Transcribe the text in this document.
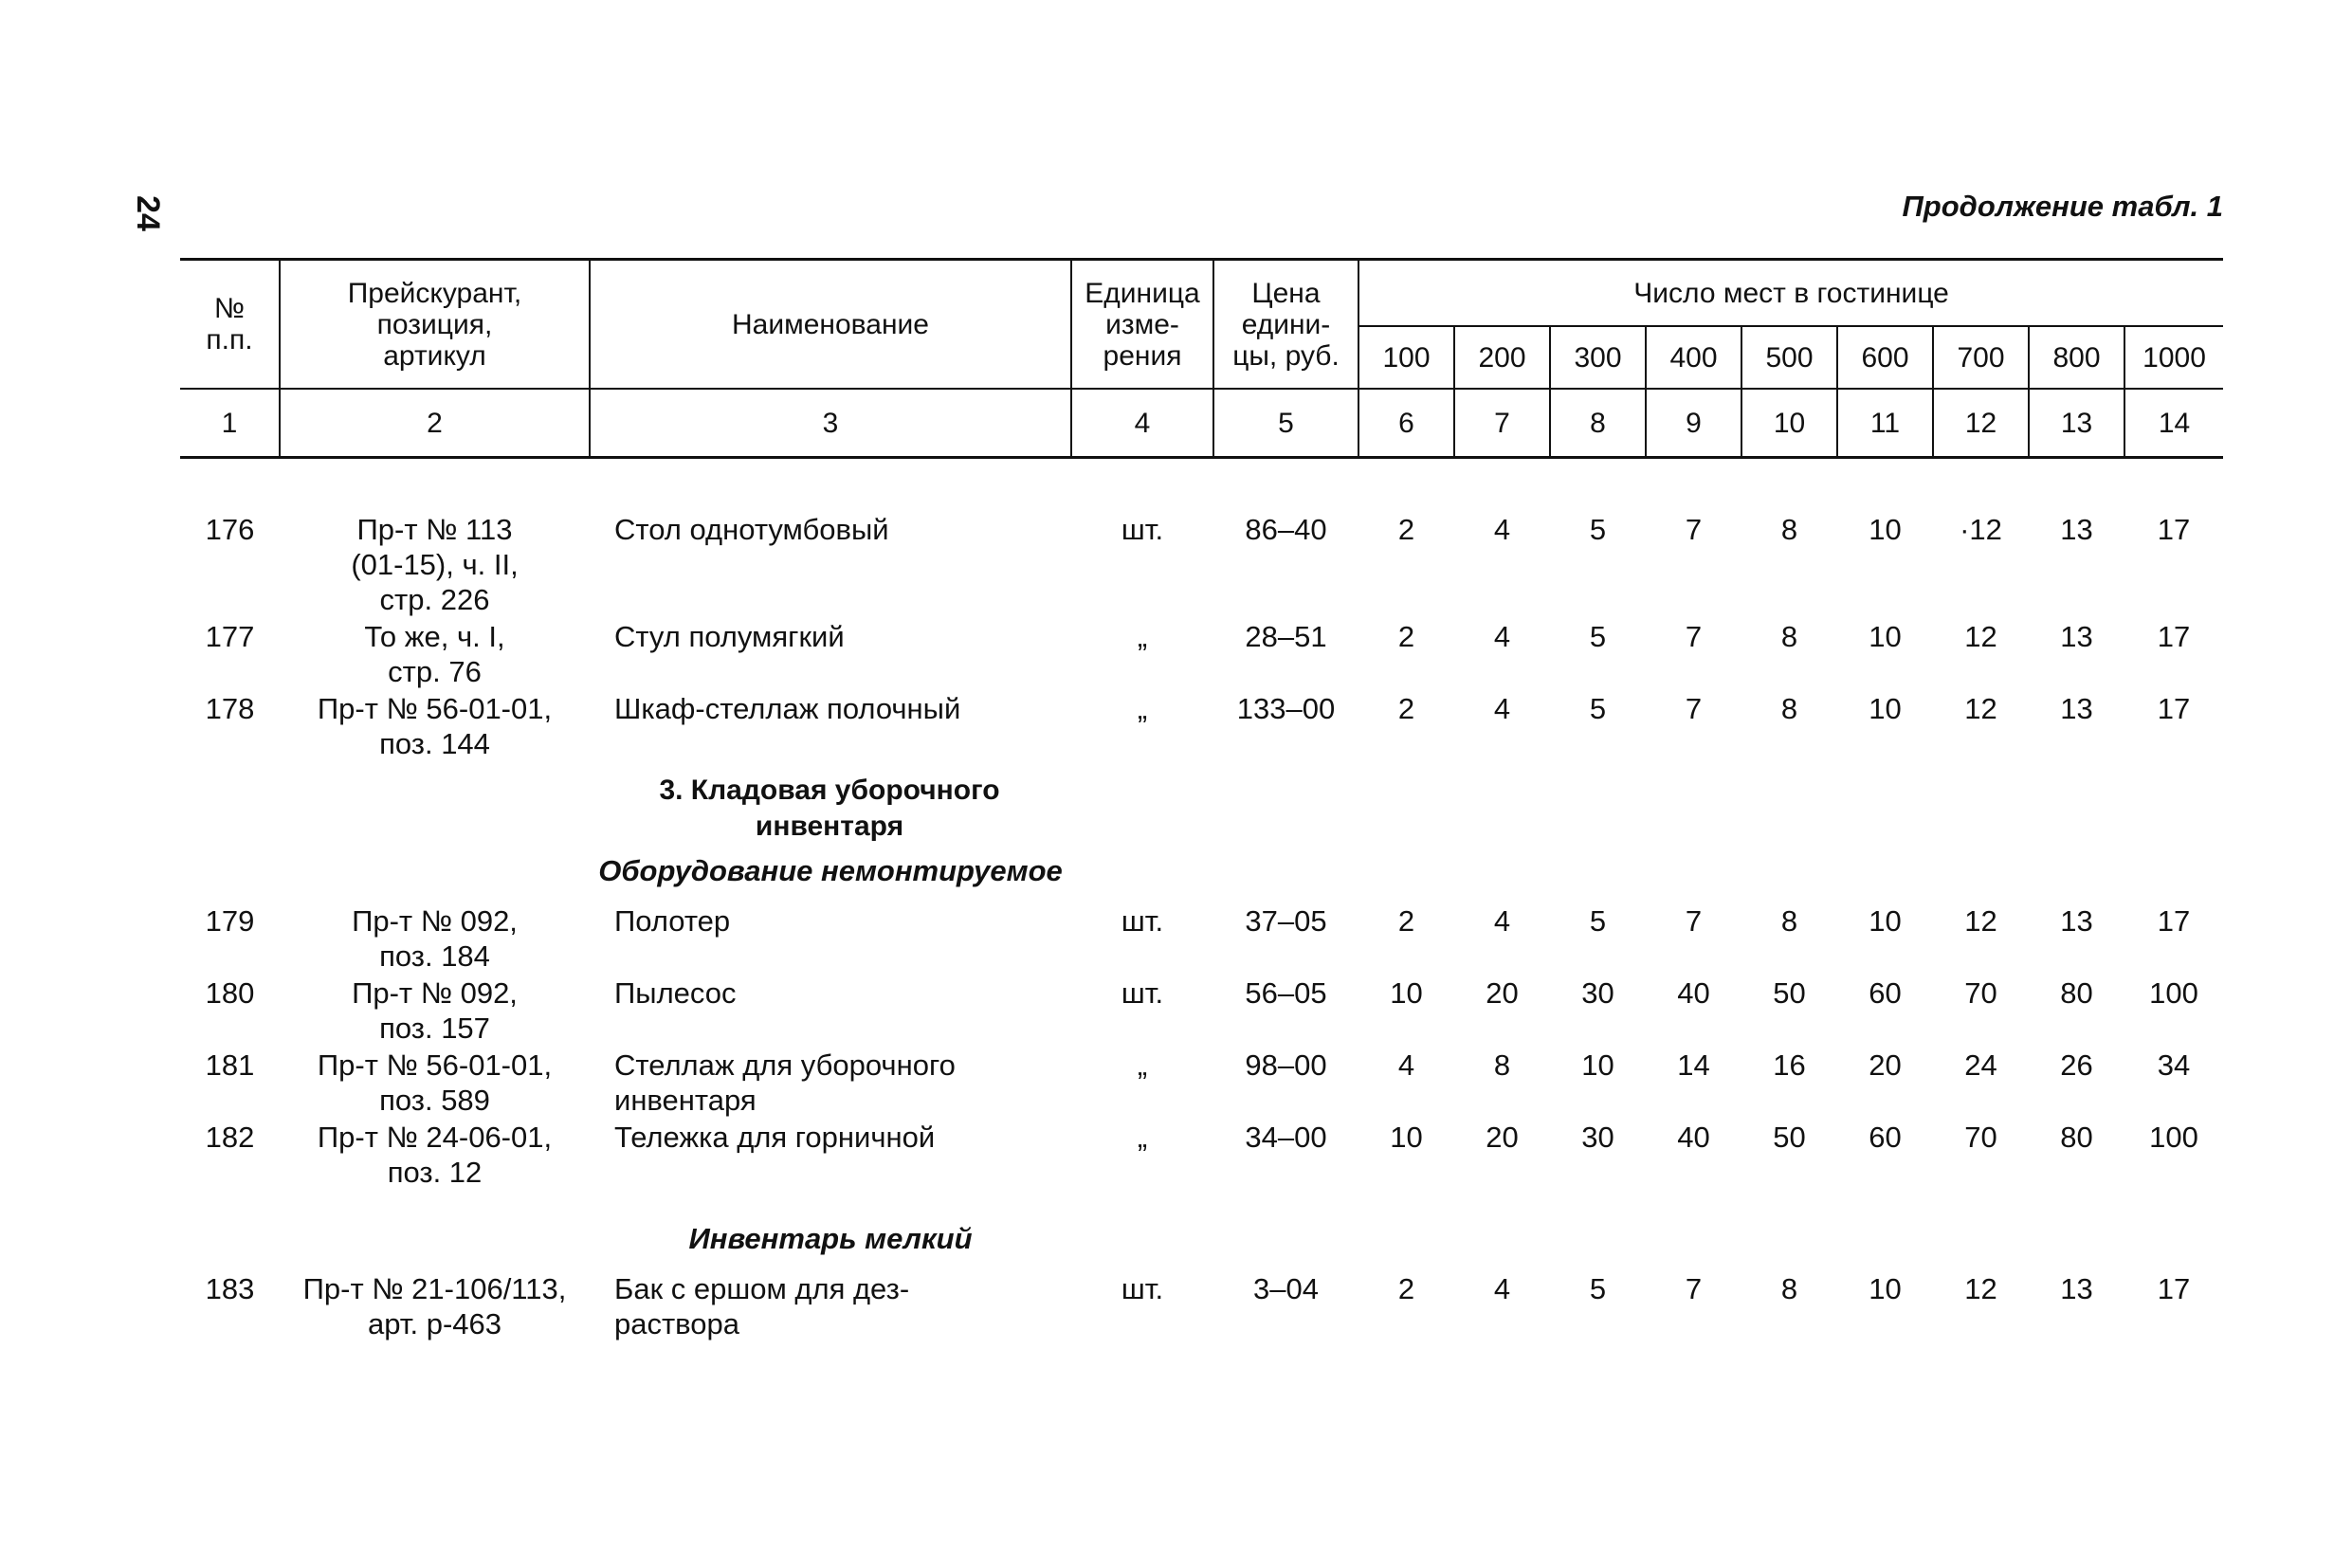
24	Продолжение табл. 1
№
п.п.	Прейскурант,
позиция,
артикул	Наименование	Единица
изме-
рения	Цена
едини-
цы, руб.	Число мест в гостинице								
					100	200	300	400	500	600	700	800	1000
1	2	3	4	5	6	7	8	9	10	11	12	13	14

176	Пр-т № 113
(01-15), ч. II,
стр. 226	Стол однотумбовый	шт.	86–40	2	4	5	7	8	10	·12	13	17
177	То же, ч. I,
стр. 76	Стул полумягкий	„	28–51	2	4	5	7	8	10	12	13	17
178	Пр-т № 56-01-01,
поз. 144	Шкаф-стеллаж полочный	„	133–00	2	4	5	7	8	10	12	13	17
		3. Кладовая уборочного
инвентаря											
		Оборудование немонтируемое											
179	Пр-т № 092,
поз. 184	Полотер	шт.	37–05	2	4	5	7	8	10	12	13	17
180	Пр-т № 092,
поз. 157	Пылесос	шт.	56–05	10	20	30	40	50	60	70	80	100
181	Пр-т № 56-01-01,
поз. 589	Стеллаж для уборочного
инвентаря	„	98–00	4	8	10	14	16	20	24	26	34
182	Пр-т № 24-06-01,
поз. 12	Тележка для горничной	„	34–00	10	20	30	40	50	60	70	80	100
		Инвентарь мелкий											
183	Пр-т № 21-106/113,
арт. р-463	Бак с ершом для дез-
раствора	шт.	3–04	2	4	5	7	8	10	12	13	17
